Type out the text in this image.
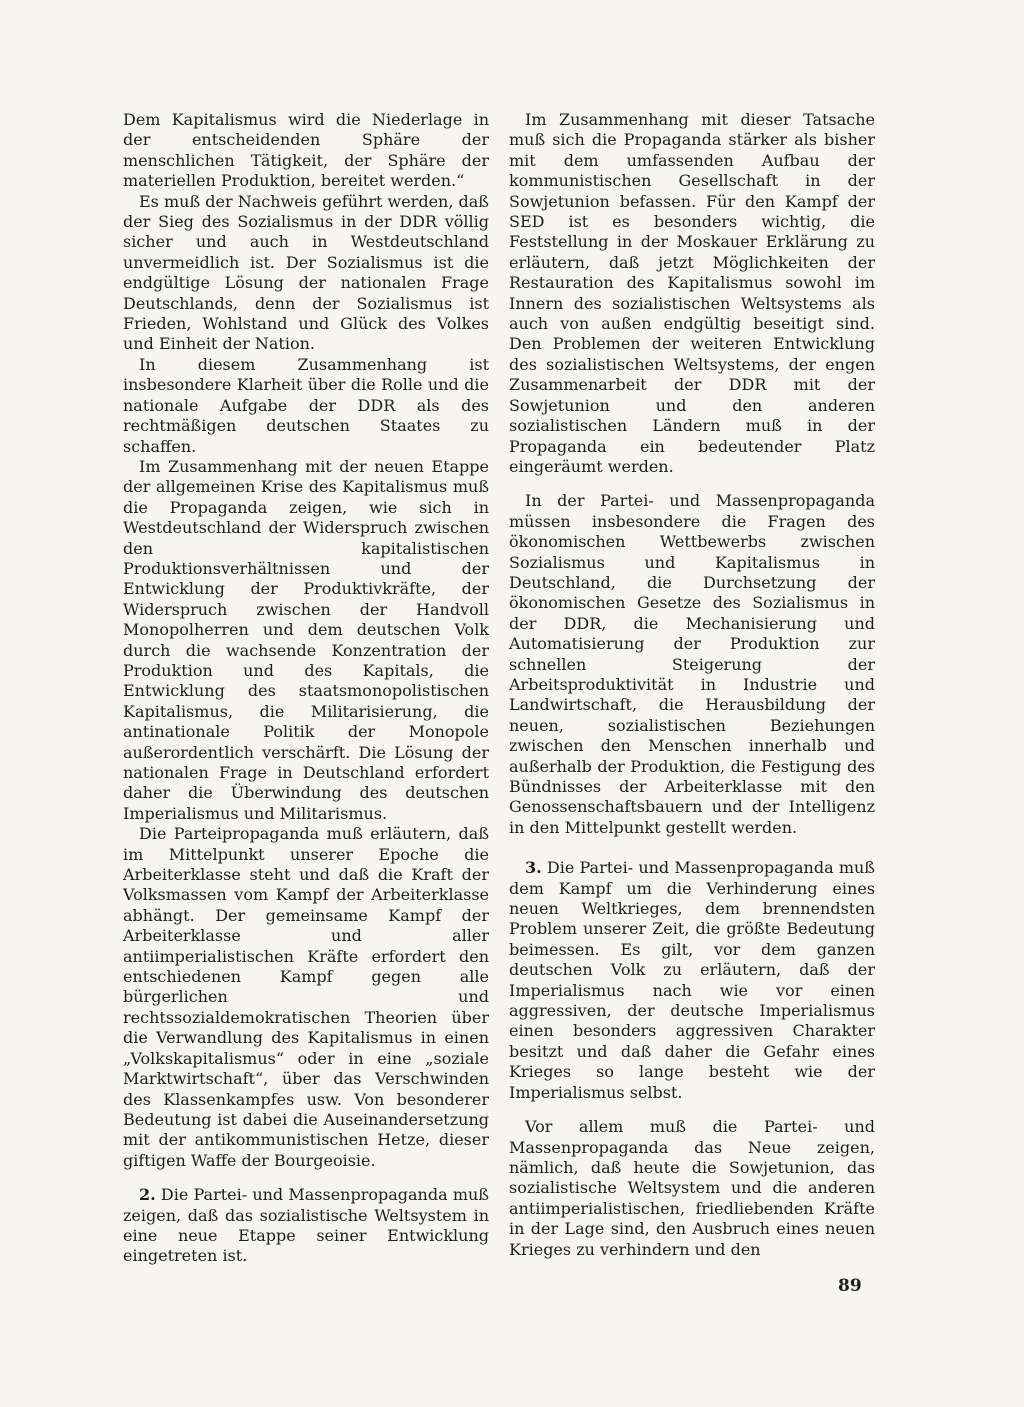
Dem Kapitalismus wird die Niederlage in der entscheidenden Sphäre der menschlichen Tätigkeit, der Sphäre der materiellen Produktion, bereitet werden.“

Es muß der Nachweis geführt werden, daß der Sieg des Sozialismus in der DDR völlig sicher und auch in Westdeutschland unvermeidlich ist. Der Sozialismus ist die endgültige Lösung der nationalen Frage Deutschlands, denn der Sozialismus ist Frieden, Wohlstand und Glück des Volkes und Einheit der Nation.

In diesem Zusammenhang ist insbesondere Klarheit über die Rolle und die nationale Aufgabe der DDR als des rechtmäßigen deutschen Staates zu schaffen.

Im Zusammenhang mit der neuen Etappe der allgemeinen Krise des Kapitalismus muß die Propaganda zeigen, wie sich in Westdeutschland der Widerspruch zwischen den kapitalistischen Produktionsverhältnissen und der Entwicklung der Produktivkräfte, der Widerspruch zwischen der Handvoll Monopolherren und dem deutschen Volk durch die wachsende Konzentration der Produktion und des Kapitals, die Entwicklung des staatsmonopolistischen Kapitalismus, die Militarisierung, die antinationale Politik der Monopole außerordentlich verschärft. Die Lösung der nationalen Frage in Deutschland erfordert daher die Überwindung des deutschen Imperialismus und Militarismus.

Die Parteipropaganda muß erläutern, daß im Mittelpunkt unserer Epoche die Arbeiterklasse steht und daß die Kraft der Volksmassen vom Kampf der Arbeiterklasse abhängt. Der gemeinsame Kampf der Arbeiterklasse und aller antiimperialistischen Kräfte erfordert den entschiedenen Kampf gegen alle bürgerlichen und rechtssozialdemokratischen Theorien über die Verwandlung des Kapitalismus in einen „Volkskapitalismus“ oder in eine „soziale Marktwirtschaft“, über das Verschwinden des Klassenkampfes usw. Von besonderer Bedeutung ist dabei die Auseinandersetzung mit der antikommunistischen Hetze, dieser giftigen Waffe der Bourgeoisie.

2. Die Partei- und Massenpropaganda muß zeigen, daß das sozialistische Weltsystem in eine neue Etappe seiner Entwicklung eingetreten ist.

Im Zusammenhang mit dieser Tatsache muß sich die Propaganda stärker als bisher mit dem umfassenden Aufbau der kommunistischen Gesellschaft in der Sowjetunion befassen. Für den Kampf der SED ist es besonders wichtig, die Feststellung in der Moskauer Erklärung zu erläutern, daß jetzt Möglichkeiten der Restauration des Kapitalismus sowohl im Innern des sozialistischen Weltsystems als auch von außen endgültig beseitigt sind. Den Problemen der weiteren Entwicklung des sozialistischen Weltsystems, der engen Zusammenarbeit der DDR mit der Sowjetunion und den anderen sozialistischen Ländern muß in der Propaganda ein bedeutender Platz eingeräumt werden.

In der Partei- und Massenpropaganda müssen insbesondere die Fragen des ökonomischen Wettbewerbs zwischen Sozialismus und Kapitalismus in Deutschland, die Durchsetzung der ökonomischen Gesetze des Sozialismus in der DDR, die Mechanisierung und Automatisierung der Produktion zur schnellen Steigerung der Arbeitsproduktivität in Industrie und Landwirtschaft, die Herausbildung der neuen, sozialistischen Beziehungen zwischen den Menschen innerhalb und außerhalb der Produktion, die Festigung des Bündnisses der Arbeiterklasse mit den Genossenschaftsbauern und der Intelligenz in den Mittelpunkt gestellt werden.

3. Die Partei- und Massenpropaganda muß dem Kampf um die Verhinderung eines neuen Weltkrieges, dem brennendsten Problem unserer Zeit, die größte Bedeutung beimessen. Es gilt, vor dem ganzen deutschen Volk zu erläutern, daß der Imperialismus nach wie vor einen aggressiven, der deutsche Imperialismus einen besonders aggressiven Charakter besitzt und daß daher die Gefahr eines Krieges so lange besteht wie der Imperialismus selbst.

Vor allem muß die Partei- und Massenpropaganda das Neue zeigen, nämlich, daß heute die Sowjetunion, das sozialistische Weltsystem und die anderen antiimperialistischen, friedliebenden Kräfte in der Lage sind, den Ausbruch eines neuen Krieges zu verhindern und den

89
